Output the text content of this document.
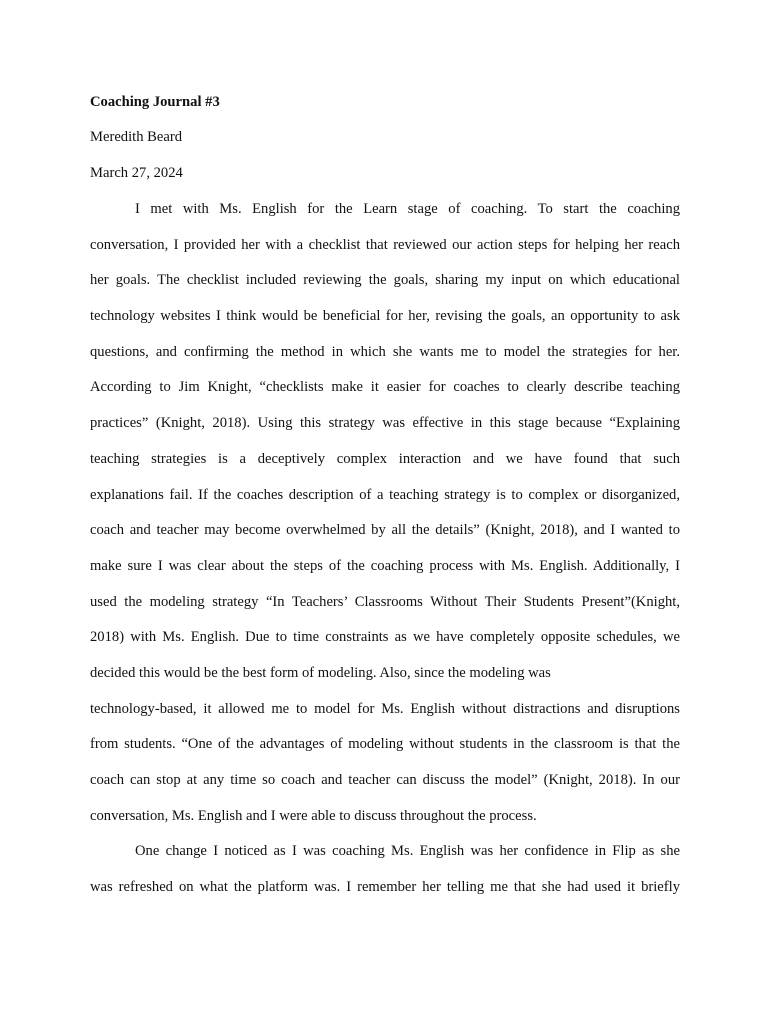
Coaching Journal #3
Meredith Beard
March 27, 2024
I met with Ms. English for the Learn stage of coaching. To start the coaching
conversation, I provided her with a checklist that reviewed our action steps for helping her reach
her goals. The checklist included reviewing the goals, sharing my input on which educational
technology websites I think would be beneficial for her, revising the goals, an opportunity to ask
questions, and confirming the method in which she wants me to model the strategies for her.
According to Jim Knight, “checklists make it easier for coaches to clearly describe teaching
practices” (Knight, 2018). Using this strategy was effective in this stage because “Explaining
teaching strategies is a deceptively complex interaction and we have found that such
explanations fail. If the coaches description of a teaching strategy is to complex or disorganized,
coach and teacher may become overwhelmed by all the details” (Knight, 2018), and I wanted to
make sure I was clear about the steps of the coaching process with Ms. English. Additionally, I
used the modeling strategy “In Teachers’ Classrooms Without Their Students Present”(Knight,
2018) with Ms. English. Due to time constraints as we have completely opposite schedules, we
decided this would be the best form of modeling. Also, since the modeling was
technology-based, it allowed me to model for Ms. English without distractions and disruptions
from students. “One of the advantages of modeling without students in the classroom is that the
coach can stop at any time so coach and teacher can discuss the model” (Knight, 2018). In our
conversation, Ms. English and I were able to discuss throughout the process.
One change I noticed as I was coaching Ms. English was her confidence in Flip as she
was refreshed on what the platform was. I remember her telling me that she had used it briefly
